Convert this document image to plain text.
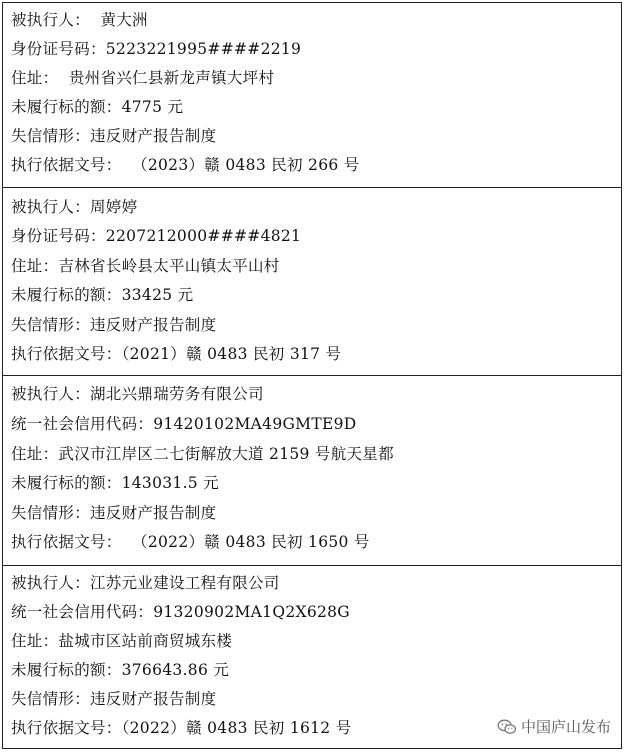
被执行人：  黄大洲
身份证号码：5223221995####2219
住址：  贵州省兴仁县新龙声镇大坪村
未履行标的额：4775 元
失信情形：违反财产报告制度
执行依据文号：  （2023）赣 0483 民初 266 号
被执行人：周婷婷
身份证号码：2207212000####4821
住址：吉林省长岭县太平山镇太平山村
未履行标的额：33425 元
失信情形：违反财产报告制度
执行依据文号：（2021）赣 0483 民初 317 号
被执行人：湖北兴鼎瑞劳务有限公司
统一社会信用代码：91420102MA49GMTE9D
住址：武汉市江岸区二七街解放大道 2159 号航天星都
未履行标的额：143031.5 元
失信情形：违反财产报告制度
执行依据文号：  （2022）赣 0483 民初 1650 号
被执行人：江苏元业建设工程有限公司
统一社会信用代码：91320902MA1Q2X628G
住址：盐城市区站前商贸城东楼
未履行标的额：376643.86 元
失信情形：违反财产报告制度
执行依据文号：（2022）赣 0483 民初 1612 号	中国庐山发布
